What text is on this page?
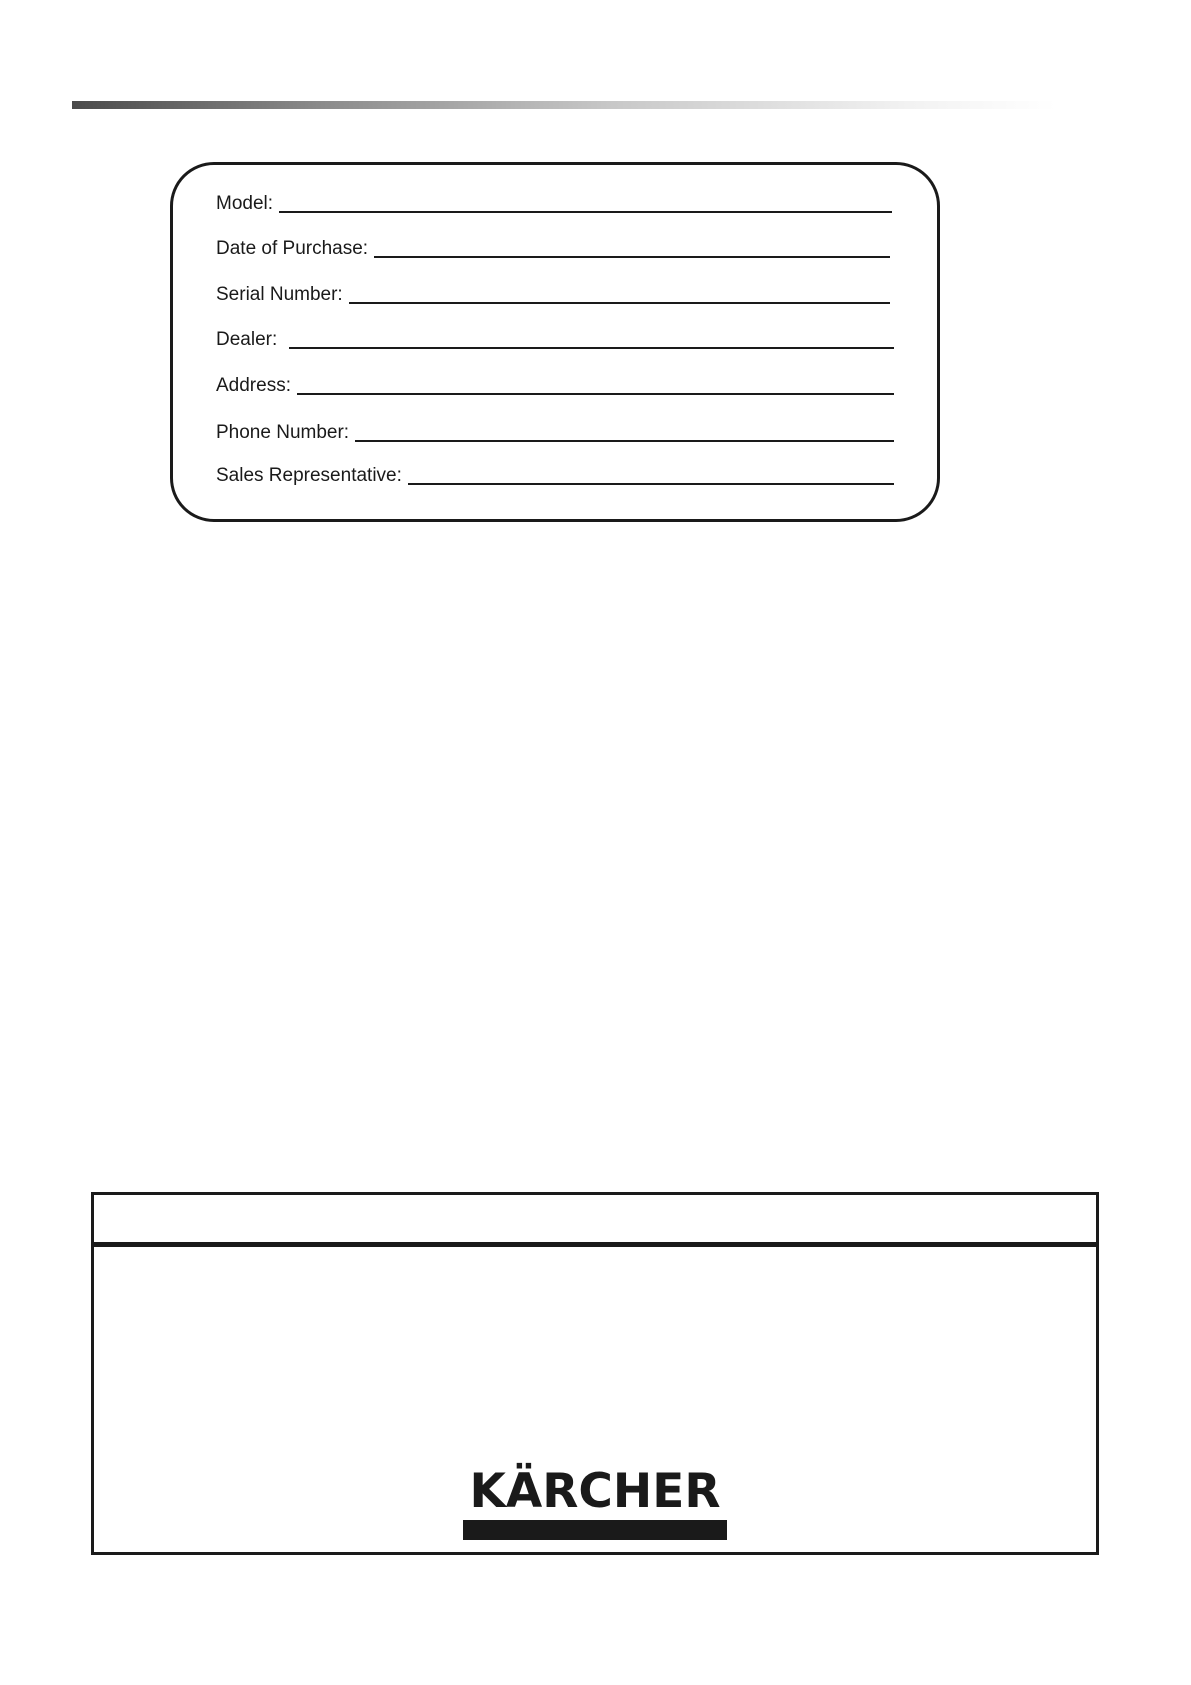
Model:
Date of Purchase:
Serial Number:
Dealer:
Address:
Phone Number:
Sales Representative:
KÄRCHER
